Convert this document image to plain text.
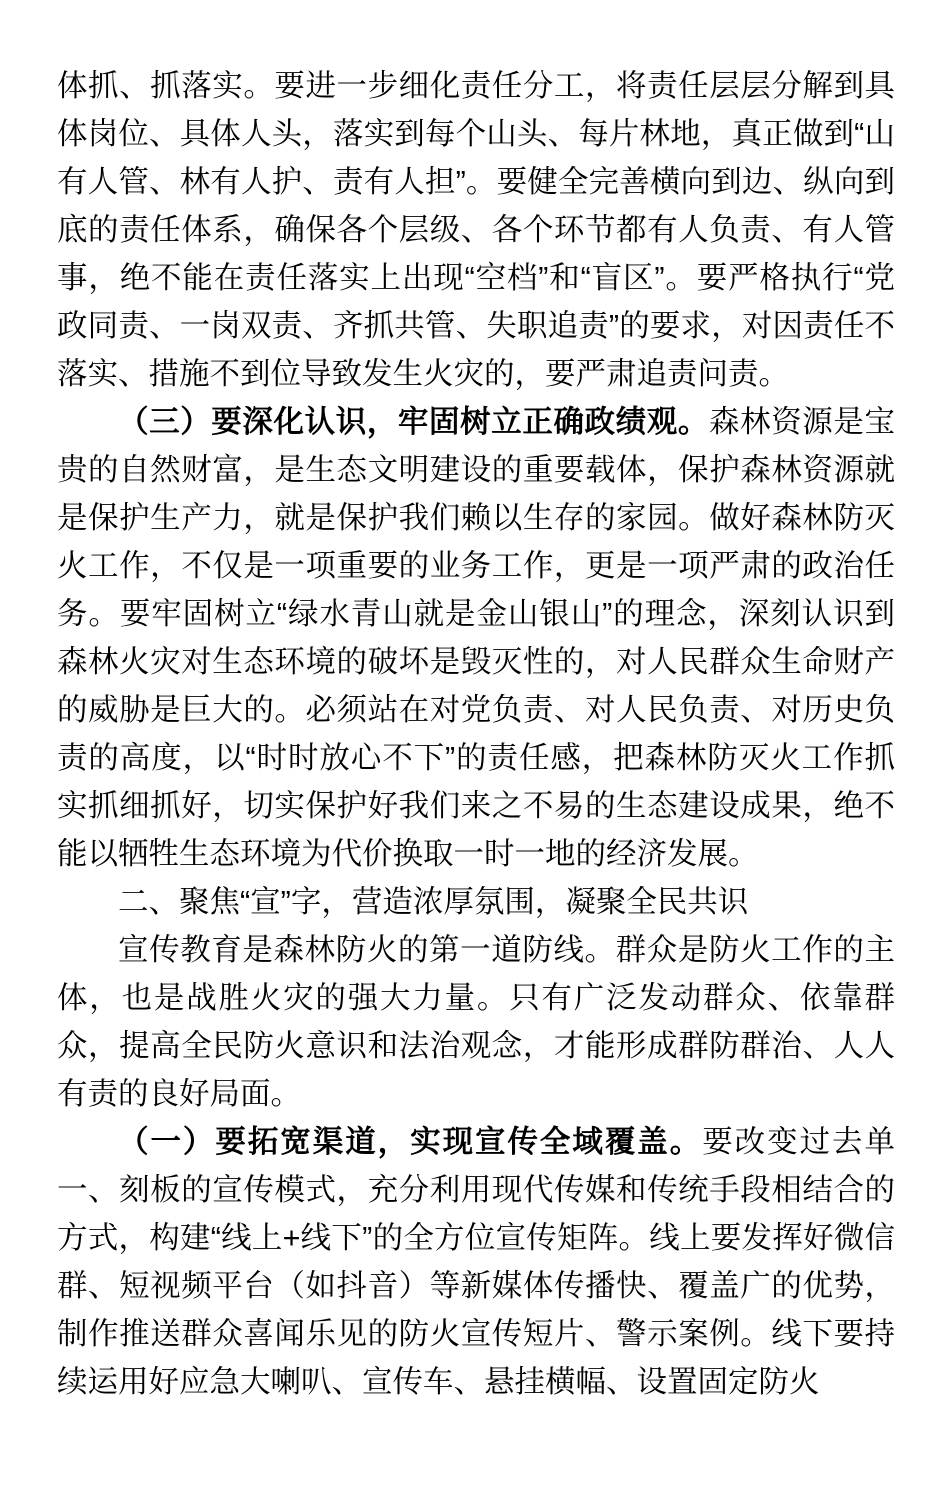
体抓、抓落实。要进一步细化责任分工，将责任层层分解到具体岗位、具体人头，落实到每个山头、每片林地，真正做到“山有人管、林有人护、责有人担”。要健全完善横向到边、纵向到底的责任体系，确保各个层级、各个环节都有人负责、有人管事，绝不能在责任落实上出现“空档”和“盲区”。要严格执行“党政同责、一岗双责、齐抓共管、失职追责”的要求，对因责任不落实、措施不到位导致发生火灾的，要严肃追责问责。

（三）要深化认识，牢固树立正确政绩观。森林资源是宝贵的自然财富，是生态文明建设的重要载体，保护森林资源就是保护生产力，就是保护我们赖以生存的家园。做好森林防灭火工作，不仅是一项重要的业务工作，更是一项严肃的政治任务。要牢固树立“绿水青山就是金山银山”的理念，深刻认识到森林火灾对生态环境的破坏是毁灭性的，对人民群众生命财产的威胁是巨大的。必须站在对党负责、对人民负责、对历史负责的高度，以“时时放心不下”的责任感，把森林防灭火工作抓实抓细抓好，切实保护好我们来之不易的生态建设成果，绝不能以牺牲生态环境为代价换取一时一地的经济发展。

二、聚焦“宣”字，营造浓厚氛围，凝聚全民共识

宣传教育是森林防火的第一道防线。群众是防火工作的主体，也是战胜火灾的强大力量。只有广泛发动群众、依靠群众，提高全民防火意识和法治观念，才能形成群防群治、人人有责的良好局面。

（一）要拓宽渠道，实现宣传全域覆盖。要改变过去单一、刻板的宣传模式，充分利用现代传媒和传统手段相结合的方式，构建“线上+线下”的全方位宣传矩阵。线上要发挥好微信群、短视频平台（如抖音）等新媒体传播快、覆盖广的优势，制作推送群众喜闻乐见的防火宣传短片、警示案例。线下要持续运用好应急大喇叭、宣传车、悬挂横幅、设置固定防火
